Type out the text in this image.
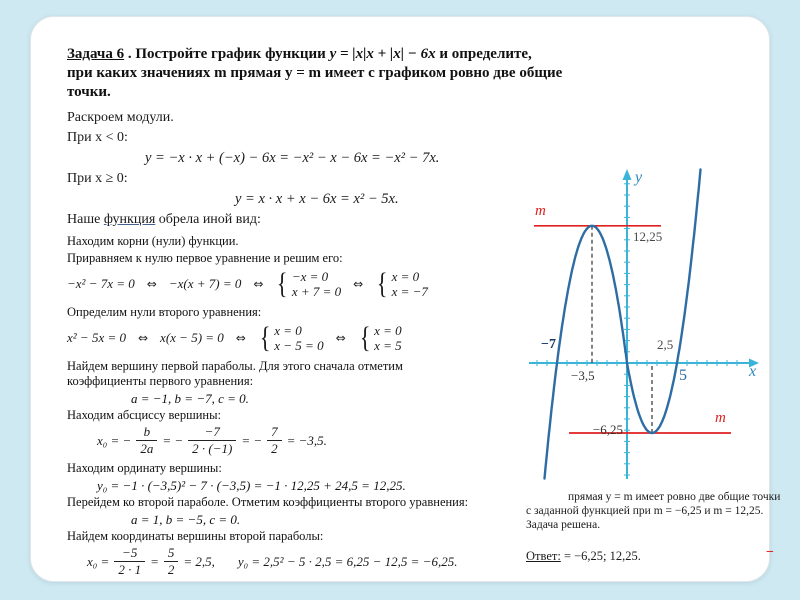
Задача 6 . Постройте график функции y = |x|x + |x| − 6x и определите,
при каких значениях m прямая y = m имеет с графиком ровно две общие
точки.

Раскроем модули.

При x < 0:

y = −x · x + (−x) − 6x = −x² − x − 6x = −x² − 7x.

При x ≥ 0:

y = x · x + x − 6x = x² − 5x.

Наше функция обрела иной вид:

Находим корни (нули) функции.

Приравняем к нулю первое уравнение и решим его:

−x² − 7x = 0 ⇔ −x(x + 7) = 0 ⇔ { −x = 0
x + 7 = 0 ⇔ { x = 0
x = −7

Определим нули второго уравнения:

x² − 5x = 0 ⇔ x(x − 5) = 0 ⇔ { x = 0
x − 5 = 0 ⇔ { x = 0
x = 5

Найдем вершину первой параболы. Для этого сначала отметим
коэффициенты первого уравнения:

a = −1, b = −7, c = 0.

Находим абсциссу вершины:

x₀ = − $\frac{b}{2a}$ = − $\frac{-7}{2 \cdot (-1)}$ = − $\frac{7}{2} = -3,5$.

Находим ординату вершины:

y₀ = −1 · (−3,5)² − 7 · (−3,5) = −1 · 12,25 + 24,5 = 12,25.

Перейдем ко второй параболе. Отметим коэффициенты второго уравнения:

a = 1, b = −5, c = 0.

Найдем координаты вершины второй параболы:

$x_0 = \frac{-5}{2 \cdot 1} = \frac{5}{2} = 2,5$, y₀ = 2,5² − 5 · 2,5 = 6,25 − 12,5 = −6,25.
y
x
m
m
12,25
2,5
−3,5
−7
5
−6,25
прямая y = m имеет ровно две общие точки
с заданной функцией при m = −6,25 и m = 12,25.
Задача решена.
Ответ: = −6,25; 12,25.	−
